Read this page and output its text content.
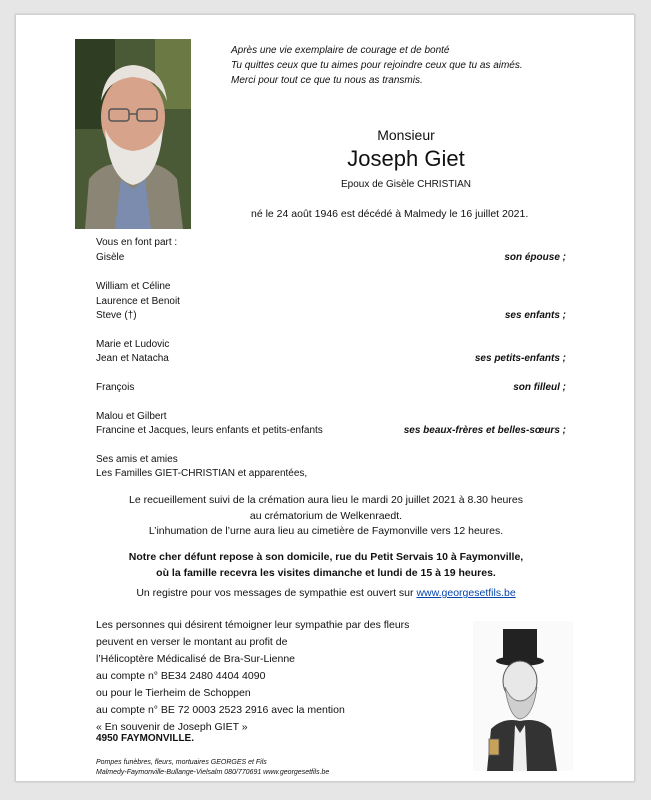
Après une vie exemplaire de courage et de bonté
Tu quittes ceux que tu aimes pour rejoindre ceux que tu as aimés.
Merci pour tout ce que tu nous as transmis.
Monsieur
Joseph Giet
Epoux de Gisèle CHRISTIAN
né le 24 août 1946 est décédé à Malmedy le 16 juillet 2021.
Vous en font part :
Gisèle	son épouse ;
William et Céline
Laurence et Benoit
Steve (†)	ses enfants ;
Marie et Ludovic
Jean et Natacha	ses petits-enfants ;
François	son filleul ;
Malou et Gilbert
Francine et Jacques, leurs enfants et petits-enfants	ses beaux-frères et belles-sœurs ;
Ses amis et amies
Les Familles GIET-CHRISTIAN et apparentées,
Le recueillement suivi de la crémation aura lieu le mardi 20 juillet 2021 à 8.30 heures
au crématorium de Welkenraedt.
L’inhumation de l’urne aura lieu au cimetière de Faymonville vers 12 heures.
Notre cher défunt repose à son domicile, rue du Petit Servais 10 à Faymonville,
où la famille recevra les visites dimanche et lundi de 15 à 19 heures.
Un registre pour vos messages de sympathie est ouvert sur www.georgesetfils.be
Les personnes qui désirent témoigner leur sympathie par des fleurs
peuvent en verser le montant au profit de
l’Hélicoptère Médicalisé de Bra-Sur-Lienne
au compte n° BE34 2480 4404 4090
ou pour le Tierheim de Schoppen
au compte n° BE 72 0003 2523 2916 avec la mention
« En souvenir de Joseph GIET »
4950 FAYMONVILLE.
Pompes funèbres, fleurs, mortuaires GEORGES et Fils
Malmedy-Faymonville-Bullange-Vielsalm 080/770691 www.georgesetfils.be
